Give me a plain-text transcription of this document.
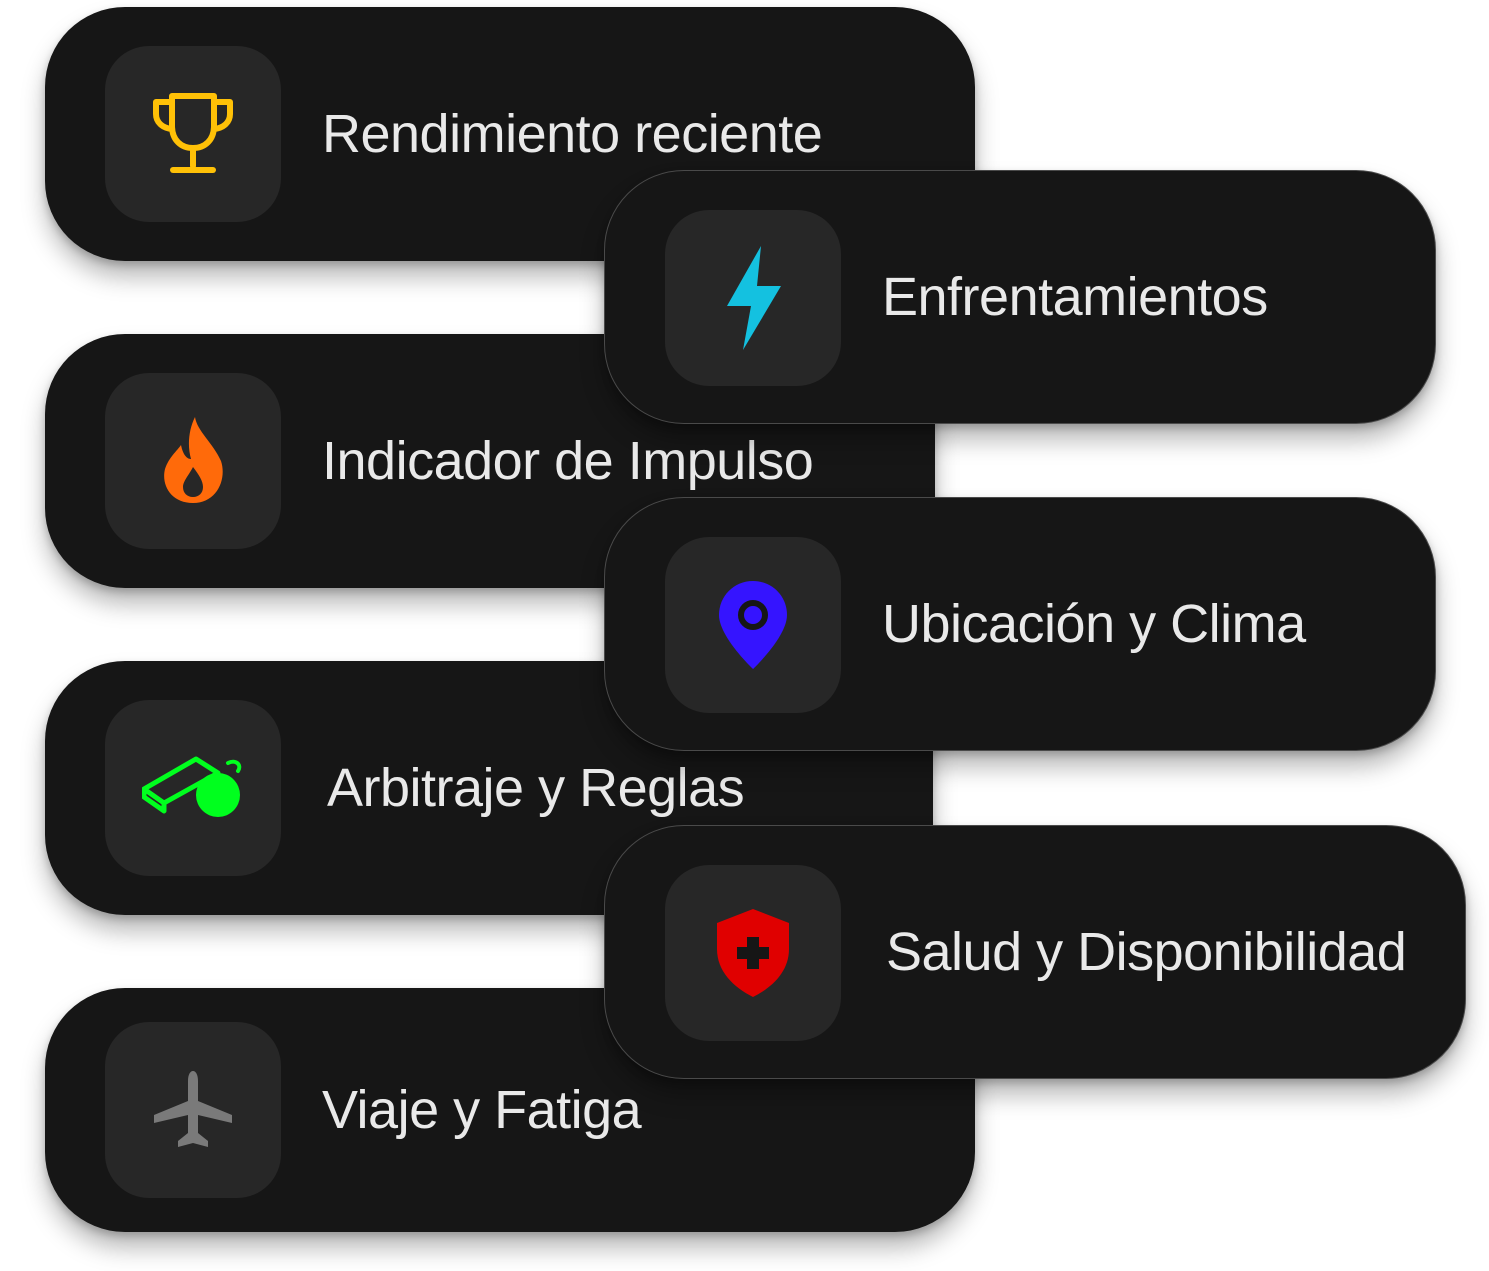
Rendimiento reciente
Enfrentamientos
Indicador de Impulso
Ubicación y Clima
Arbitraje y Reglas
Salud y Disponibilidad
Viaje y Fatiga
